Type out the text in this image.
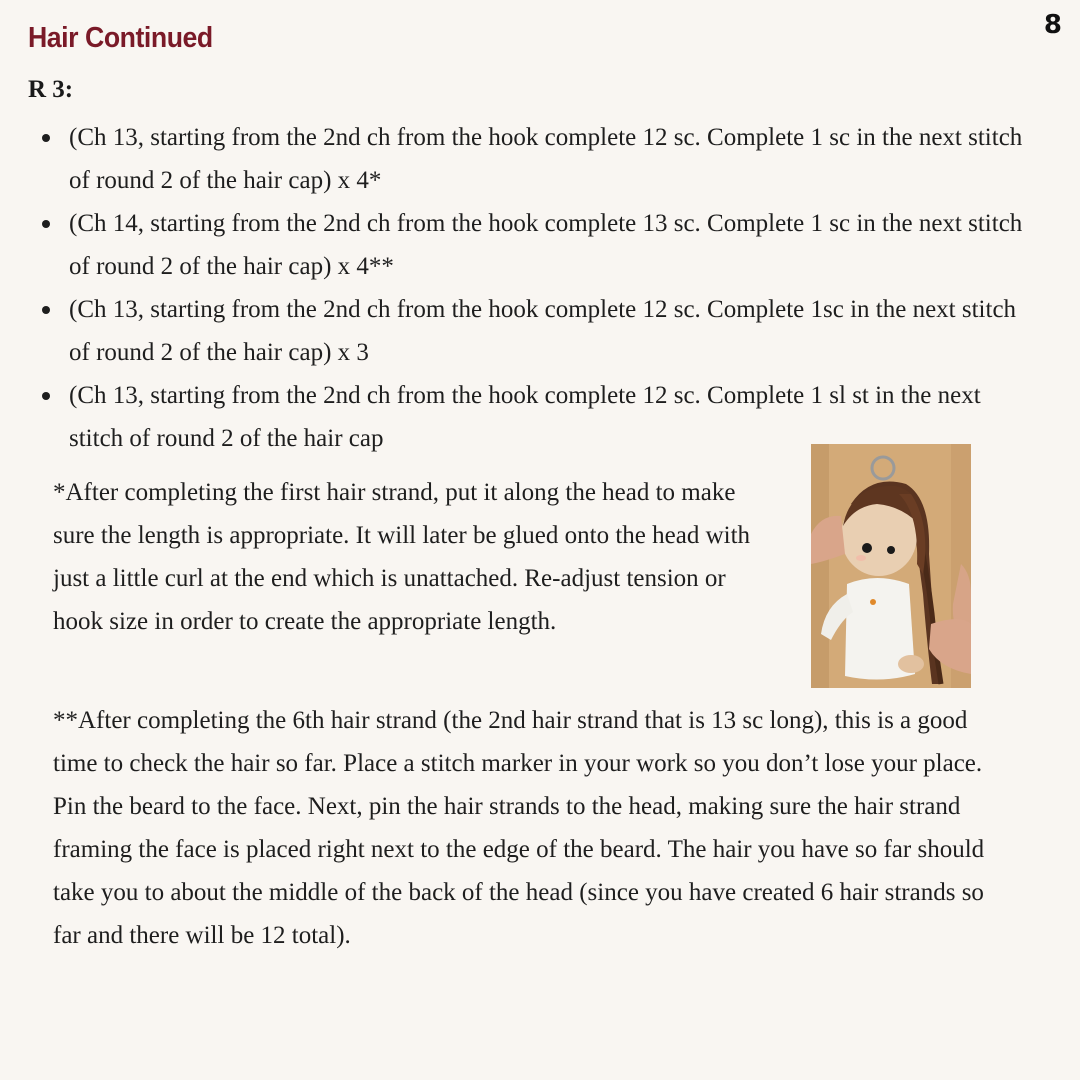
8
Hair Continued
R 3:
(Ch 13, starting from the 2nd ch from the hook complete 12 sc. Complete 1 sc in the next stitch of round 2 of the hair cap) x 4*
(Ch 14, starting from the 2nd ch from the hook complete 13 sc. Complete 1 sc in the next stitch of round 2 of the hair cap) x 4**
(Ch 13, starting from the 2nd ch from the hook complete 12 sc. Complete 1sc in the next stitch of round 2 of the hair cap) x 3
(Ch 13, starting from the 2nd ch from the hook complete 12 sc. Complete 1 sl st in the next stitch of round 2 of the hair cap

*After completing the first hair strand, put it along the head to make sure the length is appropriate. It will later be glued onto the head with just a little curl at the end which is unattached. Re-adjust tension or hook size in order to create the appropriate length.

**After completing the 6th hair strand (the 2nd hair strand that is 13 sc long), this is a good time to check the hair so far. Place a stitch marker in your work so you don’t lose your place. Pin the beard to the face. Next, pin the hair strands to the head, making sure the hair strand framing the face is placed right next to the edge of the beard. The hair you have so far should take you to about the middle of the back of the head (since you have created 6 hair strands so far and there will be 12 total).
